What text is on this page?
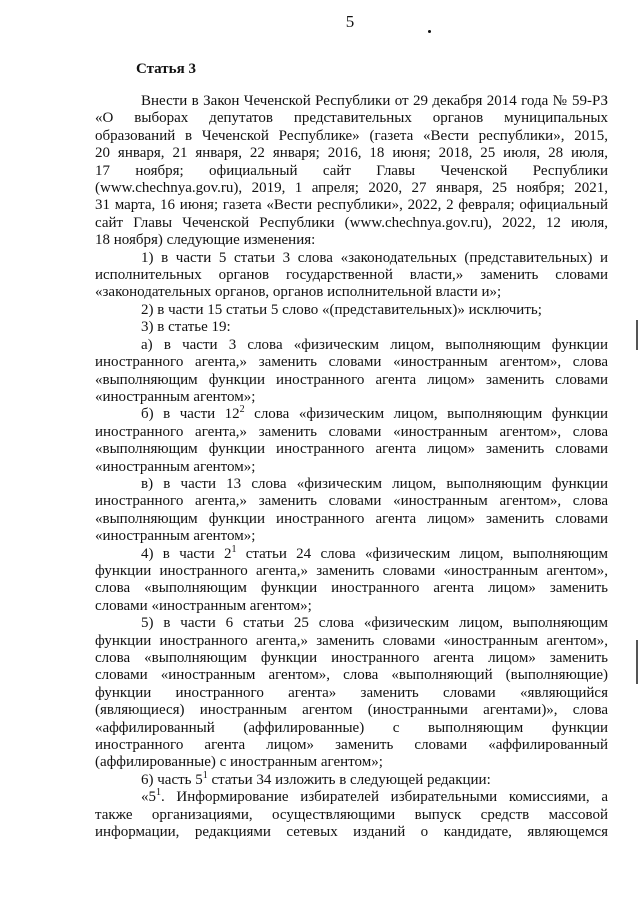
5
Статья 3
Внести в Закон Чеченской Республики от 29 декабря 2014 года № 59-РЗ
«О выборах депутатов представительных органов муниципальных
образований в Чеченской Республике» (газета «Вести республики», 2015,
20 января, 21 января, 22 января; 2016, 18 июня; 2018, 25 июля, 28 июля,
17 ноября; официальный сайт Главы Чеченской Республики
(www.chechnya.gov.ru), 2019, 1 апреля; 2020, 27 января, 25 ноября; 2021,
31 марта, 16 июня; газета «Вести республики», 2022, 2 февраля; официальный
сайт Главы Чеченской Республики (www.chechnya.gov.ru), 2022, 12 июля,
18 ноября) следующие изменения:
1) в части 5 статьи 3 слова «законодательных (представительных) и
исполнительных органов государственной власти,» заменить словами
«законодательных органов, органов исполнительной власти и»;
2) в части 15 статьи 5 слово «(представительных)» исключить;
3) в статье 19:
а) в части 3 слова «физическим лицом, выполняющим функции
иностранного агента,» заменить словами «иностранным агентом», слова
«выполняющим функции иностранного агента лицом» заменить словами
«иностранным агентом»;
б) в части $12^2$ слова «физическим лицом, выполняющим функции
иностранного агента,» заменить словами «иностранным агентом», слова
«выполняющим функции иностранного агента лицом» заменить словами
«иностранным агентом»;
в) в части 13 слова «физическим лицом, выполняющим функции
иностранного агента,» заменить словами «иностранным агентом», слова
«выполняющим функции иностранного агента лицом» заменить словами
«иностранным агентом»;
4) в части $2^1$ статьи 24 слова «физическим лицом, выполняющим
функции иностранного агента,» заменить словами «иностранным агентом»,
слова «выполняющим функции иностранного агента лицом» заменить
словами «иностранным агентом»;
5) в части 6 статьи 25 слова «физическим лицом, выполняющим
функции иностранного агента,» заменить словами «иностранным агентом»,
слова «выполняющим функции иностранного агента лицом» заменить
словами «иностранным агентом», слова «выполняющий (выполняющие)
функции иностранного агента» заменить словами «являющийся
(являющиеся) иностранным агентом (иностранными агентами)», слова
«аффилированный (аффилированные) с выполняющим функции
иностранного агента лицом» заменить словами «аффилированный
(аффилированные) с иностранным агентом»;
6) часть $5^1$ статьи 34 изложить в следующей редакции:
«$5^1$. Информирование избирателей избирательными комиссиями, а
также организациями, осуществляющими выпуск средств массовой
информации, редакциями сетевых изданий о кандидате, являющемся
